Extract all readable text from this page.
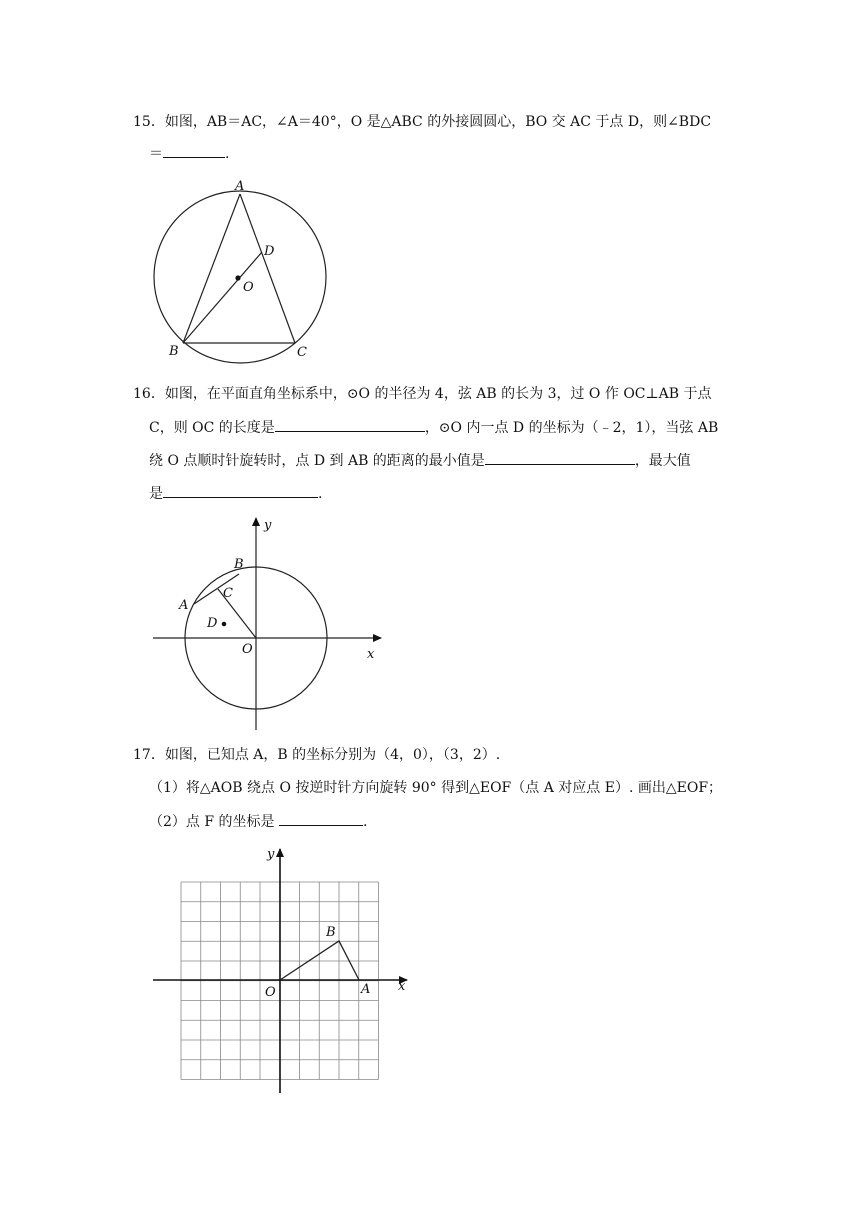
15．如图，AB＝AC，∠A＝40°，O 是△ABC 的外接圆圆心，BO 交 AC 于点 D，则∠BDC
＝	.
A
B	C
D
O
16．如图，在平面直角坐标系中，⊙O 的半径为 4，弦 AB 的长为 3，过 O 作 OC⊥AB 于点
C，则 OC 的长度是	，⊙O 内一点 D 的坐标为（﹣2，1），当弦 AB
绕 O 点顺时针旋转时，点 D 到 AB 的距离的最小值是	，最大值
是	.
B
A
C
D
O	x
y
17．如图，已知点 A，B 的坐标分别为（4，0），（3，2）.
（1）将△AOB 绕点 O 按逆时针方向旋转 90° 得到△EOF（点 A 对应点 E）. 画出△EOF；
（2）点 F 的坐标是	.
O	A
B
x
y
